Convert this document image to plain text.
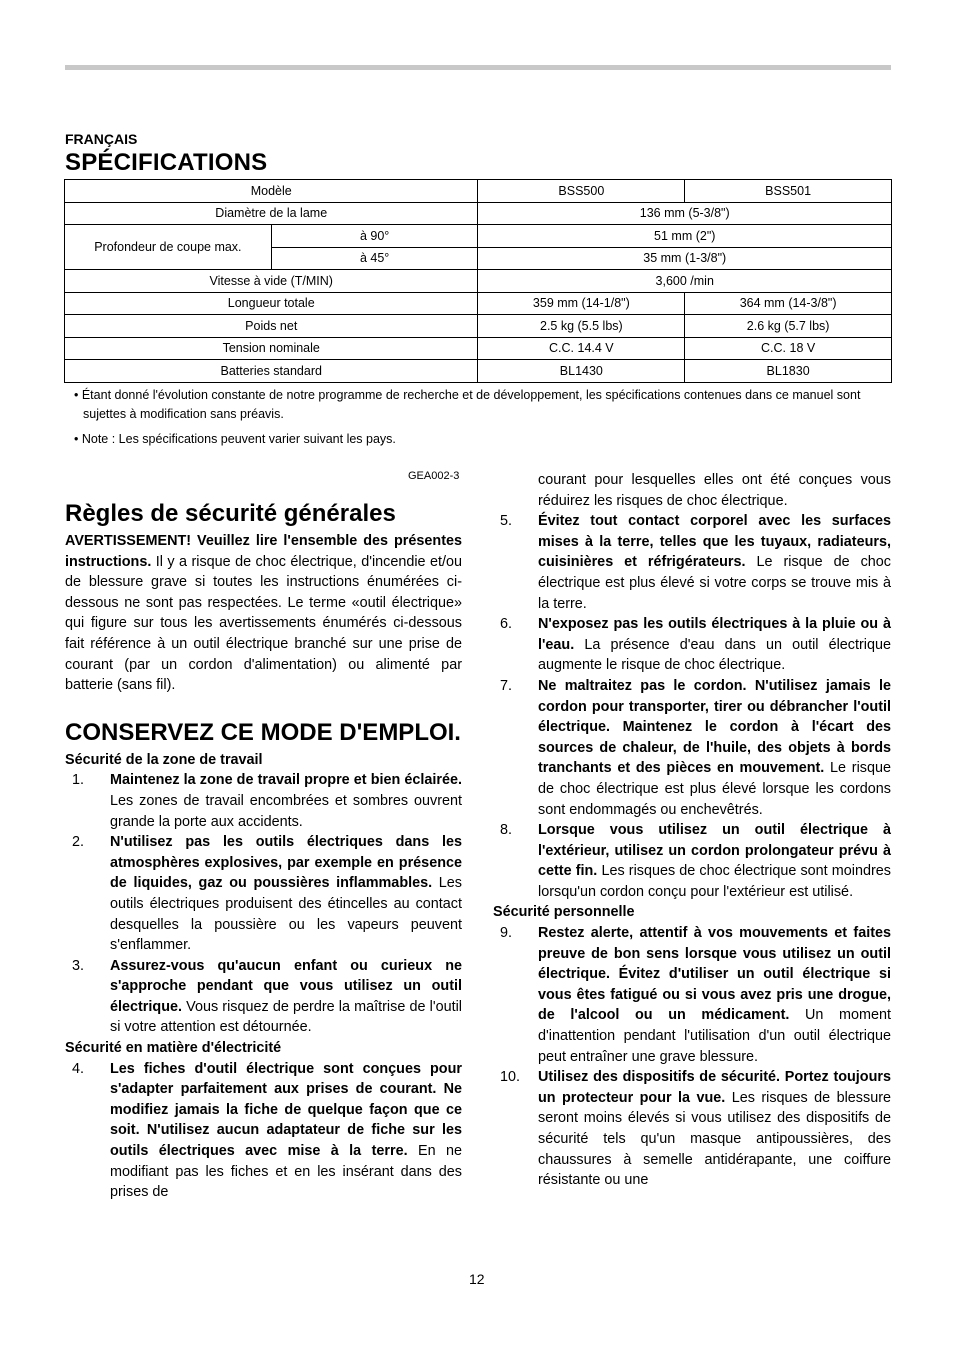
FRANÇAIS
SPÉCIFICATIONS
Modèle		BSS500	BSS501
Diamètre de la lame		136 mm (5-3/8")	
Profondeur de coupe max.	à 90°	51 mm (2")	
	à 45°	35 mm (1-3/8")	
Vitesse à vide (T/MIN)		3,600 /min	
Longueur totale		359 mm (14-1/8")	364 mm (14-3/8")
Poids net		2.5 kg (5.5 lbs)	2.6 kg (5.7 lbs)
Tension nominale		C.C. 14.4 V	C.C. 18 V
Batteries standard		BL1430	BL1830

• Étant donné l'évolution constante de notre programme de recherche et de développement, les spécifications contenues dans ce manuel sont sujettes à modification sans préavis.

• Note : Les spécifications peuvent varier suivant les pays.

GEA002-3
Règles de sécurité générales

AVERTISSEMENT! Veuillez lire l'ensemble des présentes instructions. Il y a risque de choc électrique, d'incendie et/ou de blessure grave si toutes les instructions énumérées ci-dessous ne sont pas respectées. Le terme «outil électrique» qui figure sur tous les avertissements énumérés ci-dessous fait référence à un outil électrique branché sur une prise de courant (par un cordon d'alimentation) ou alimenté par batterie (sans fil).

CONSERVEZ CE MODE D'EMPLOI.
Sécurité de la zone de travail
1.	Maintenez la zone de travail propre et bien éclairée. Les zones de travail encombrées et sombres ouvrent grande la porte aux accidents.
2.	N'utilisez pas les outils électriques dans les atmosphères explosives, par exemple en présence de liquides, gaz ou poussières inflammables. Les outils électriques produisent des étincelles au contact desquelles la poussière ou les vapeurs peuvent s'enflammer.
3.	Assurez-vous qu'aucun enfant ou curieux ne s'approche pendant que vous utilisez un outil électrique. Vous risquez de perdre la maîtrise de l'outil si votre attention est détournée.
Sécurité en matière d'électricité
4.	Les fiches d'outil électrique sont conçues pour s'adapter parfaitement aux prises de courant. Ne modifiez jamais la fiche de quelque façon que ce soit. N'utilisez aucun adaptateur de fiche sur les outils électriques avec mise à la terre. En ne modifiant pas les fiches et en les insérant dans des prises de
courant pour lesquelles elles ont été conçues vous réduirez les risques de choc électrique.
5.	Évitez tout contact corporel avec les surfaces mises à la terre, telles que les tuyaux, radiateurs, cuisinières et réfrigérateurs. Le risque de choc électrique est plus élevé si votre corps se trouve mis à la terre.
6.	N'exposez pas les outils électriques à la pluie ou à l'eau. La présence d'eau dans un outil électrique augmente le risque de choc électrique.
7.	Ne maltraitez pas le cordon. N'utilisez jamais le cordon pour transporter, tirer ou débrancher l'outil électrique. Maintenez le cordon à l'écart des sources de chaleur, de l'huile, des objets à bords tranchants et des pièces en mouvement. Le risque de choc électrique est plus élevé lorsque les cordons sont endommagés ou enchevêtrés.
8.	Lorsque vous utilisez un outil électrique à l'extérieur, utilisez un cordon prolongateur prévu à cette fin. Les risques de choc électrique sont moindres lorsqu'un cordon conçu pour l'extérieur est utilisé.
Sécurité personnelle
9.	Restez alerte, attentif à vos mouvements et faites preuve de bon sens lorsque vous utilisez un outil électrique. Évitez d'utiliser un outil électrique si vous êtes fatigué ou si vous avez pris une drogue, de l'alcool ou un médicament. Un moment d'inattention pendant l'utilisation d'un outil électrique peut entraîner une grave blessure.
10.	Utilisez des dispositifs de sécurité. Portez toujours un protecteur pour la vue. Les risques de blessure seront moins élevés si vous utilisez des dispositifs de sécurité tels qu'un masque antipoussières, des chaussures à semelle antidérapante, une coiffure résistante ou une
12
